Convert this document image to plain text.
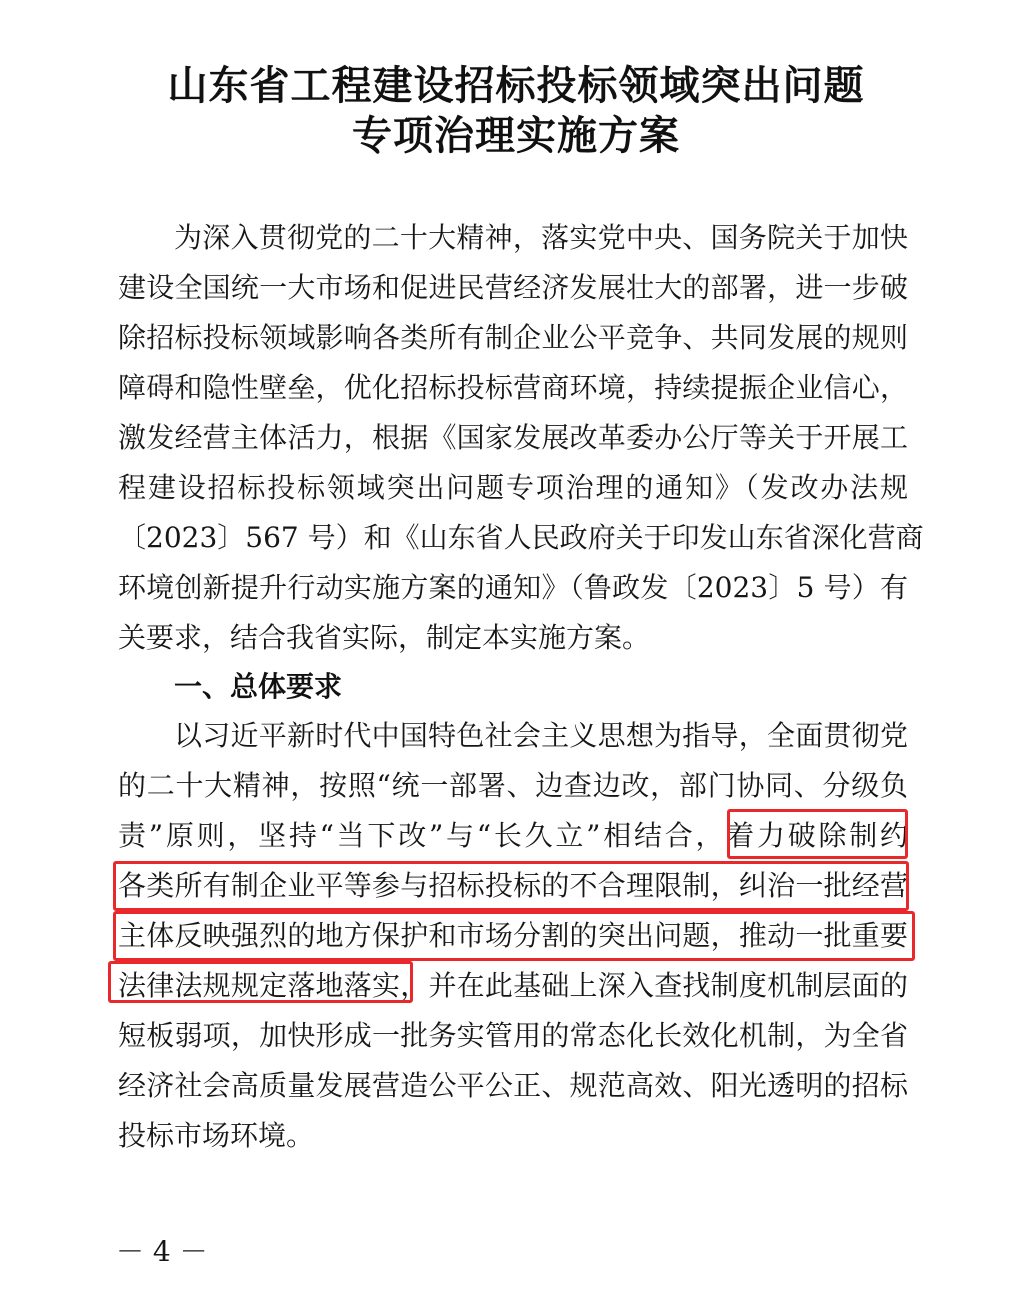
山东省工程建设招标投标领域突出问题
专项治理实施方案
为深入贯彻党的二十大精神，落实党中央、国务院关于加快
建设全国统一大市场和促进民营经济发展壮大的部署，进一步破
除招标投标领域影响各类所有制企业公平竞争、共同发展的规则
障碍和隐性壁垒，优化招标投标营商环境，持续提振企业信心，
激发经营主体活力，根据《国家发展改革委办公厅等关于开展工
程建设招标投标领域突出问题专项治理的通知》（发改办法规
〔2023〕567 号）和《山东省人民政府关于印发山东省深化营商
环境创新提升行动实施方案的通知》（鲁政发〔2023〕5 号）有
关要求，结合我省实际，制定本实施方案。
一、总体要求
以习近平新时代中国特色社会主义思想为指导，全面贯彻党
的二十大精神，按照“统一部署、边查边改，部门协同、分级负
责”原则，坚持“当下改”与“长久立”相结合，着力破除制约
各类所有制企业平等参与招标投标的不合理限制，纠治一批经营
主体反映强烈的地方保护和市场分割的突出问题，推动一批重要
法律法规规定落地落实，并在此基础上深入查找制度机制层面的
短板弱项，加快形成一批务实管用的常态化长效化机制，为全省
经济社会高质量发展营造公平公正、规范高效、阳光透明的招标
投标市场环境。
－ 4 －
